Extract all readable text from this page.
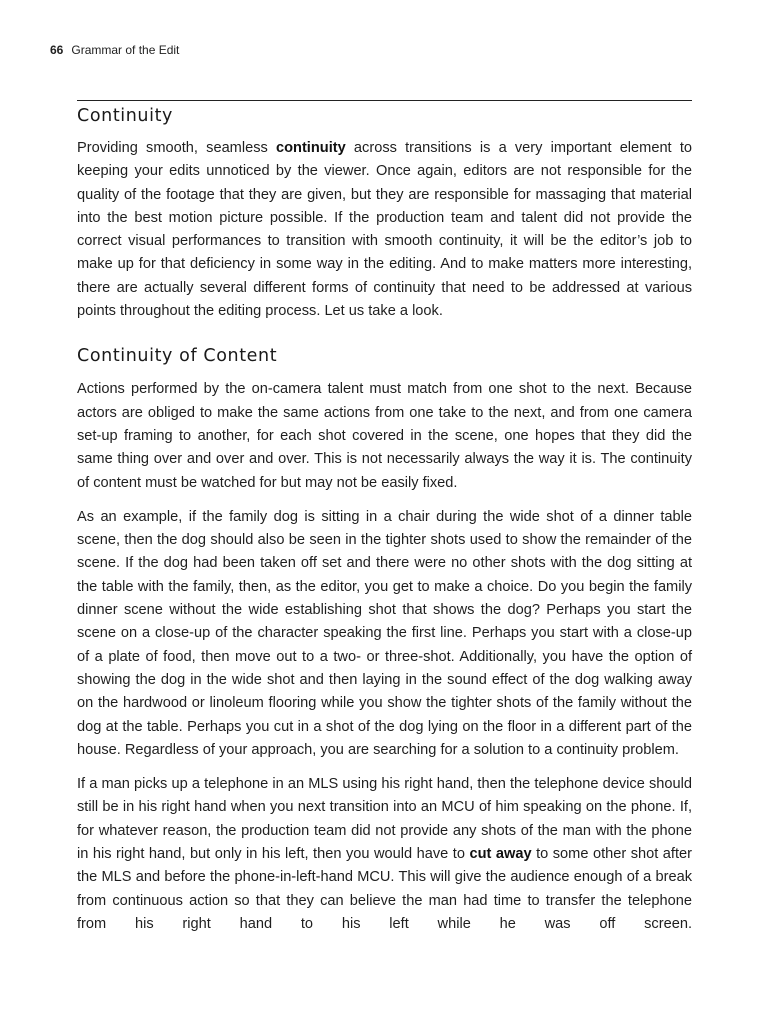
66 Grammar of the Edit
Continuity

Providing smooth, seamless continuity across transitions is a very important element to keeping your edits unnoticed by the viewer. Once again, editors are not responsible for the quality of the footage that they are given, but they are responsible for massaging that material into the best motion picture possible. If the production team and talent did not provide the correct visual performances to transition with smooth continuity, it will be the editor’s job to make up for that deficiency in some way in the editing. And to make matters more interesting, there are actually several different forms of continuity that need to be addressed at various points throughout the editing process. Let us take a look.

Continuity of Content

Actions performed by the on-camera talent must match from one shot to the next. Because actors are obliged to make the same actions from one take to the next, and from one camera set-up framing to another, for each shot covered in the scene, one hopes that they did the same thing over and over and over. This is not necessarily always the way it is. The continuity of content must be watched for but may not be easily fixed.

As an example, if the family dog is sitting in a chair during the wide shot of a dinner table scene, then the dog should also be seen in the tighter shots used to show the remainder of the scene. If the dog had been taken off set and there were no other shots with the dog sitting at the table with the family, then, as the editor, you get to make a choice. Do you begin the family dinner scene without the wide establishing shot that shows the dog? Perhaps you start the scene on a close-up of the character speaking the first line. Perhaps you start with a close-up of a plate of food, then move out to a two- or three-shot. Additionally, you have the option of showing the dog in the wide shot and then laying in the sound effect of the dog walking away on the hardwood or linoleum flooring while you show the tighter shots of the family without the dog at the table. Perhaps you cut in a shot of the dog lying on the floor in a different part of the house. Regardless of your approach, you are searching for a solution to a continuity problem.

If a man picks up a telephone in an MLS using his right hand, then the telephone device should still be in his right hand when you next transition into an MCU of him speaking on the phone. If, for whatever reason, the production team did not provide any shots of the man with the phone in his right hand, but only in his left, then you would have to cut away to some other shot after the MLS and before the phone-in-left-hand MCU. This will give the audience enough of a break from continuous action so that they can believe the man had time to transfer the telephone from his right hand to his left while he was off screen.
